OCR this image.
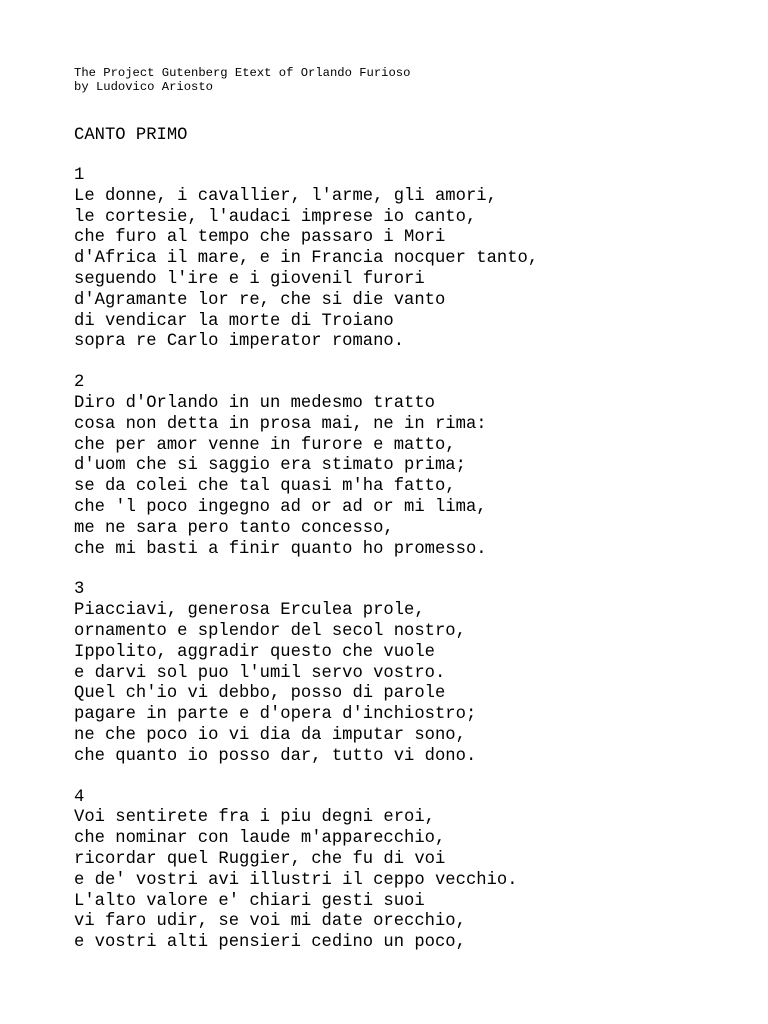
The Project Gutenberg Etext of Orlando Furioso
by Ludovico Ariosto
CANTO PRIMO
1
Le donne, i cavallier, l'arme, gli amori,
le cortesie, l'audaci imprese io canto,
che furo al tempo che passaro i Mori
d'Africa il mare, e in Francia nocquer tanto,
seguendo l'ire e i giovenil furori
d'Agramante lor re, che si die vanto
di vendicar la morte di Troiano
sopra re Carlo imperator romano.
2
Diro d'Orlando in un medesmo tratto
cosa non detta in prosa mai, ne in rima:
che per amor venne in furore e matto,
d'uom che si saggio era stimato prima;
se da colei che tal quasi m'ha fatto,
che 'l poco ingegno ad or ad or mi lima,
me ne sara pero tanto concesso,
che mi basti a finir quanto ho promesso.
3
Piacciavi, generosa Erculea prole,
ornamento e splendor del secol nostro,
Ippolito, aggradir questo che vuole
e darvi sol puo l'umil servo vostro.
Quel ch'io vi debbo, posso di parole
pagare in parte e d'opera d'inchiostro;
ne che poco io vi dia da imputar sono,
che quanto io posso dar, tutto vi dono.
4
Voi sentirete fra i piu degni eroi,
che nominar con laude m'apparecchio,
ricordar quel Ruggier, che fu di voi
e de' vostri avi illustri il ceppo vecchio.
L'alto valore e' chiari gesti suoi
vi faro udir, se voi mi date orecchio,
e vostri alti pensieri cedino un poco,
